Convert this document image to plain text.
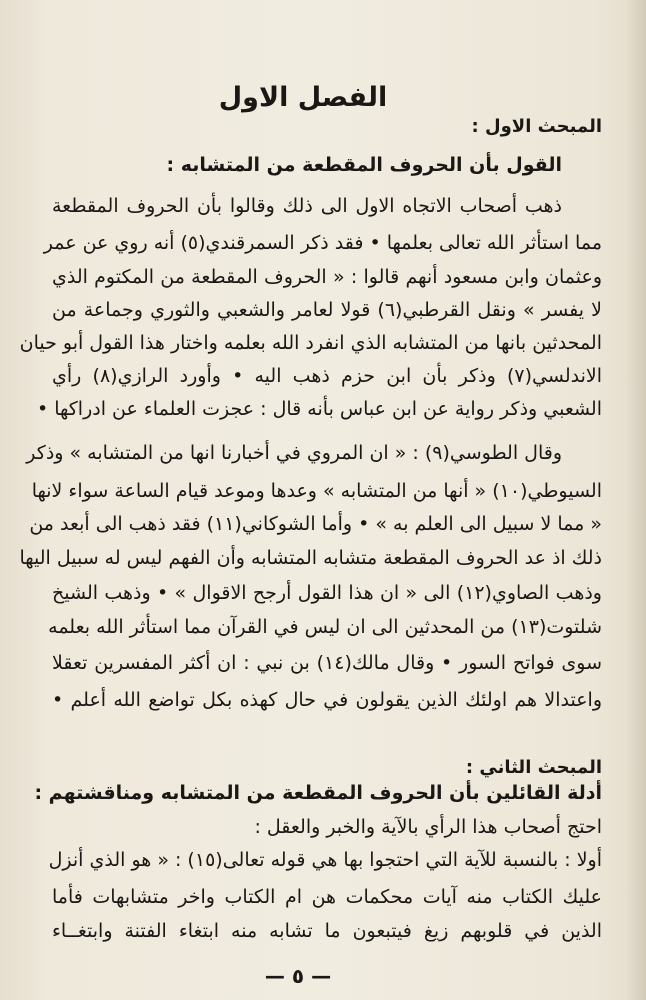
الفصل الاول
المبحث الاول :
القول بأن الحروف المقطعة من المتشابه :
ذهب أصحاب الاتجاه الاول الى ذلك وقالوا بأن الحروف المقطعة
مما استأثر الله تعالى بعلمها • فقد ذكر السمرقندي(٥) أنه روي عن عمر
وعثمان وابن مسعود أنهم قالوا : « الحروف المقطعة من المكتوم الذي
لا يفسر » ونقل القرطبي(٦) قولا لعامر والشعبي والثوري وجماعة من
المحدثين بانها من المتشابه الذي انفرد الله بعلمه واختار هذا القول أبو حيان
الاندلسي(٧) وذكر بأن ابن حزم ذهب اليه • وأورد الرازي(٨) رأي
الشعبي وذكر رواية عن ابن عباس بأنه قال : عجزت العلماء عن ادراكها •
وقال الطوسي(٩) : « ان المروي في أخبارنا انها من المتشابه » وذكر
السيوطي(١٠) « أنها من المتشابه » وعدها وموعد قيام الساعة سواء لانها
« مما لا سبيل الى العلم به » • وأما الشوكاني(١١) فقد ذهب الى أبعد من
ذلك اذ عد الحروف المقطعة متشابه المتشابه وأن الفهم ليس له سبيل اليها
وذهب الصاوي(١٢) الى « ان هذا القول أرجح الاقوال » • وذهب الشيخ
شلتوت(١٣) من المحدثين الى ان ليس في القرآن مما استأثر الله بعلمه
سوى فواتح السور • وقال مالك(١٤) بن نبي : ان أكثر المفسرين تعقلا
واعتدالا هم اولئك الذين يقولون في حال كهذه بكل تواضع الله أعلم •
المبحث الثاني :
أدلة القائلين بأن الحروف المقطعة من المتشابه ومناقشتهم :
احتج أصحاب هذا الرأي بالآية والخبر والعقل :
أولا : بالنسبة للآية التي احتجوا بها هي قوله تعالى(١٥) : « هو الذي أنزل
عليك الكتاب منه آيات محكمات هن ام الكتاب واخر متشابهات فأما
الذين في قلوبهم زيغ فيتبعون ما تشابه منه ابتغاء الفتنة وابتغــاء
— ٥ —
